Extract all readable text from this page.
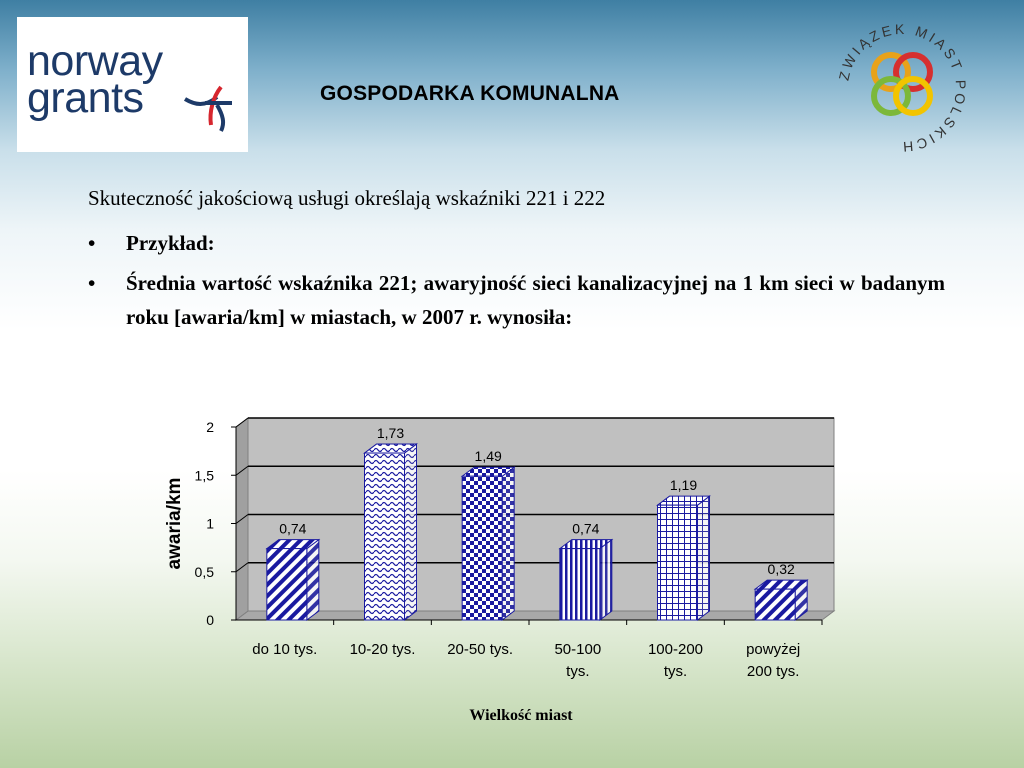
norway
grants	GOSPODARKA KOMUNALNA
ZWIĄZEK MIAST POLSKICH
Skuteczność jakościową usługi określają wskaźniki 221 i 222
• Przykład:
• Średnia wartość wskaźnika 221; awaryjność sieci kanalizacyjnej na 1 km sieci w badanym roku [awaria/km] w miastach, w 2007 r. wynosiła:
0
0,5
1
1,5
2
awaria/km	0,74
do 10 tys.
1,73
10-20 tys.
1,49
20-50 tys.
0,74
50-100
tys.
1,19
100-200
tys.
0,32
powyżej
200 tys.
Wielkość miast
